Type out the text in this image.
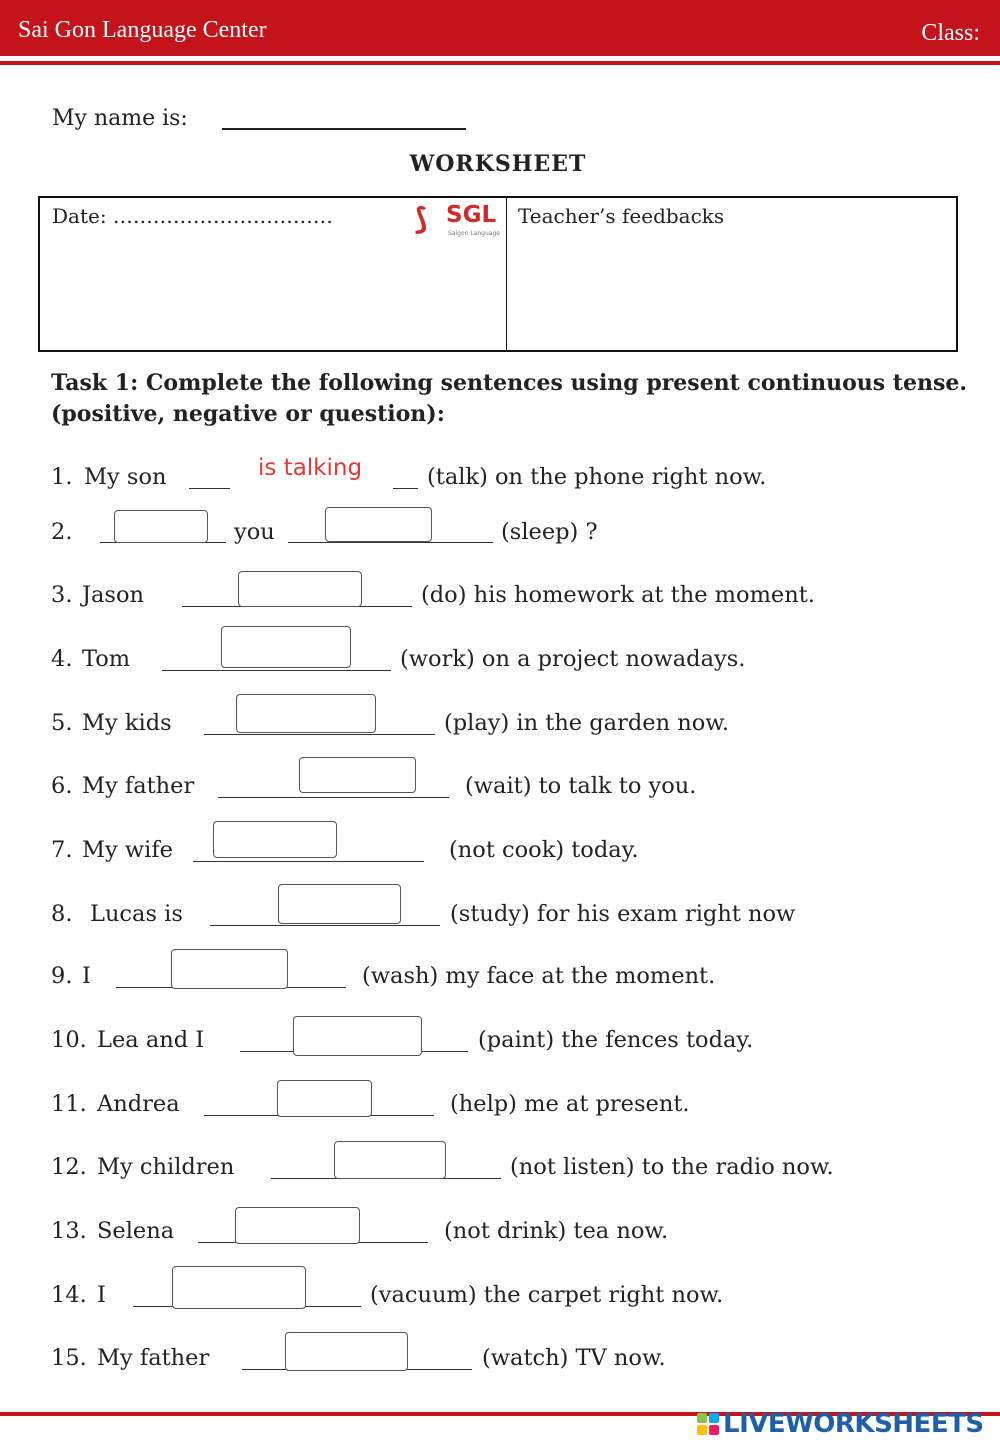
Sai Gon Language Center	Class:
My name is:
WORKSHEET
Date: ……………………………	⟆ SGL
Saigon Language
Teacher’s feedbacks
Task 1: Complete the following sentences using present continuous tense. (positive, negative or question):
1. My son	is talking	(talk) on the phone right now.
2.	you	(sleep) ?
3. Jason	(do) his homework at the moment.
4. Tom	(work) on a project nowadays.
5. My kids	(play) in the garden now.
6. My father	(wait) to talk to you.
7. My wife	(not cook) today.
8. Lucas is	(study) for his exam right now
9. I	(wash) my face at the moment.
10. Lea and I	(paint) the fences today.
11. Andrea	(help) me at present.
12. My children	(not listen) to the radio now.
13. Selena	(not drink) tea now.
14. I	(vacuum) the carpet right now.
15. My father	(watch) TV now.
LIVEWORKSHEETS
